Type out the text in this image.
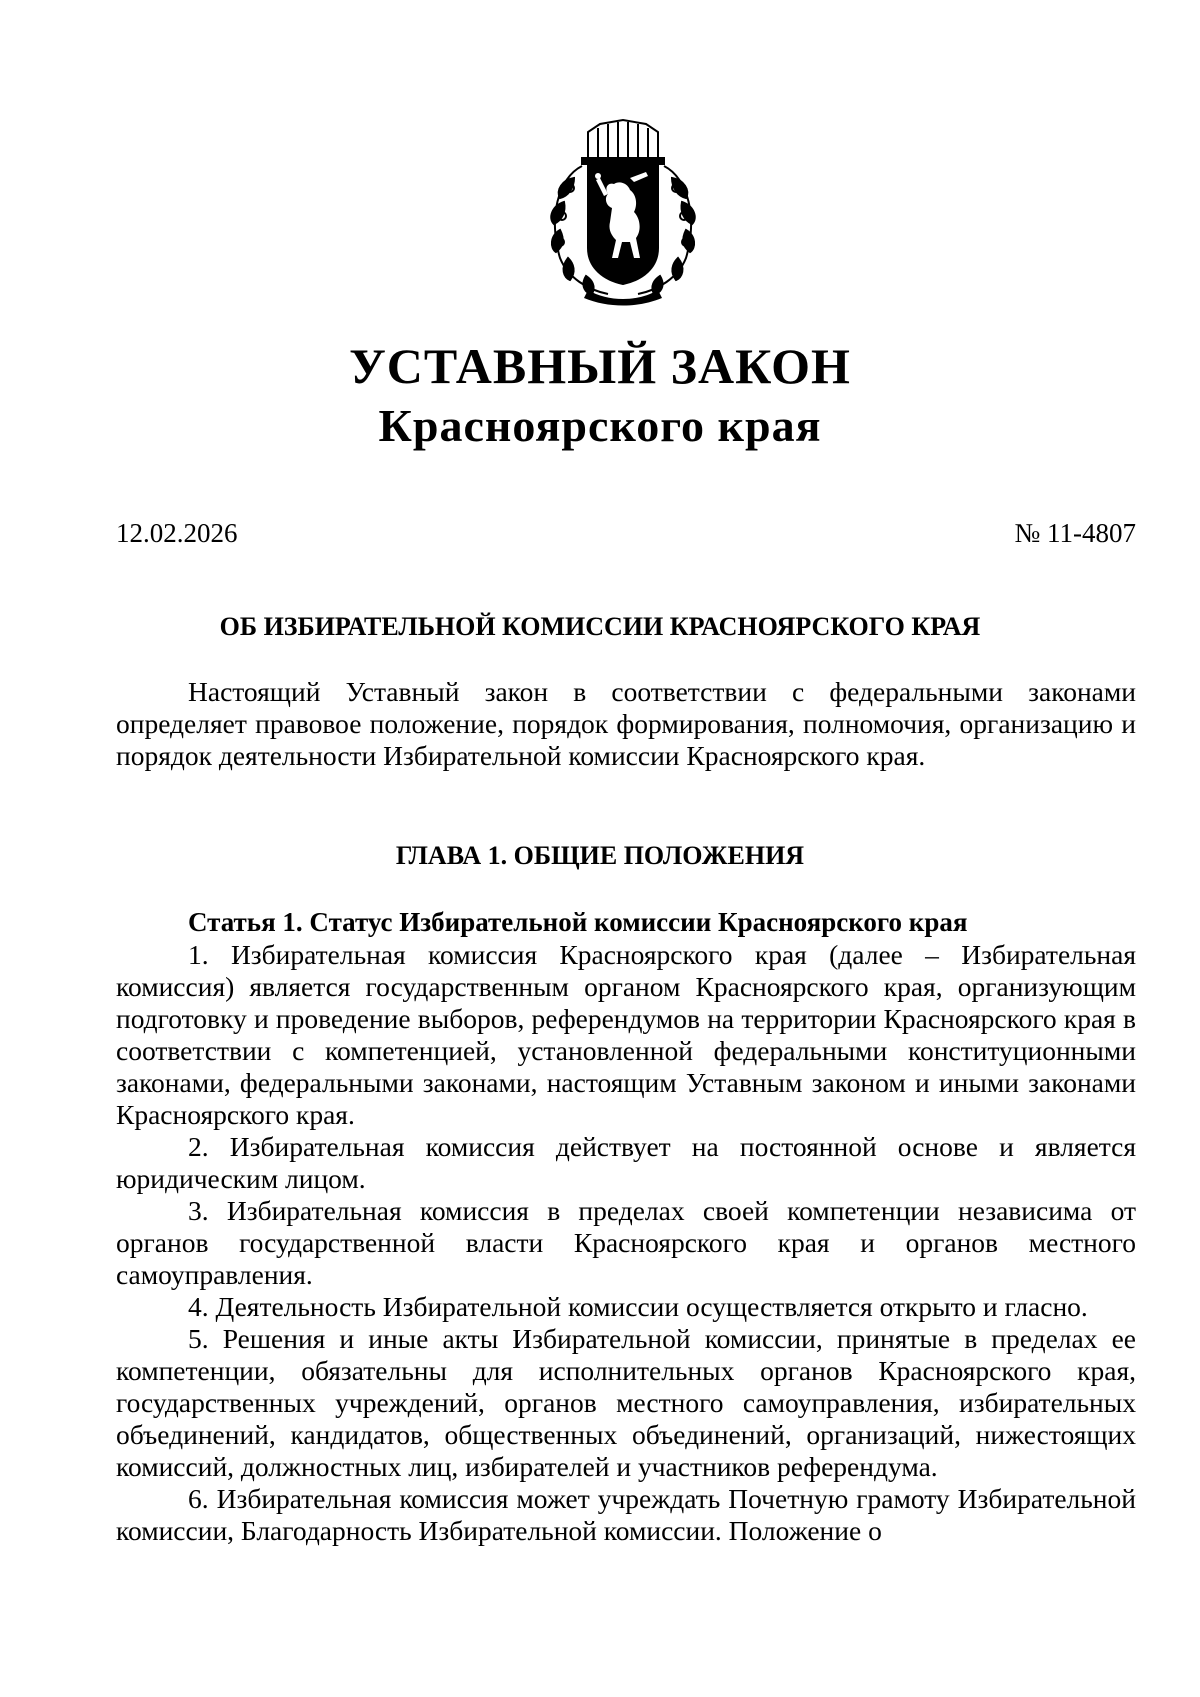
УСТАВНЫЙ ЗАКОН
Красноярского края
12.02.2026	№ 11-4807
ОБ ИЗБИРАТЕЛЬНОЙ КОМИССИИ КРАСНОЯРСКОГО КРАЯ

Настоящий Уставный закон в соответствии с федеральными законами определяет правовое положение, порядок формирования, полномочия, организацию и порядок деятельности Избирательной комиссии Красноярского края.

ГЛАВА 1. ОБЩИЕ ПОЛОЖЕНИЯ
Статья 1. Статус Избирательной комиссии Красноярского края

1. Избирательная комиссия Красноярского края (далее – Избирательная комиссия) является государственным органом Красноярского края, организующим подготовку и проведение выборов, референдумов на территории Красноярского края в соответствии с компетенцией, установленной федеральными конституционными законами, федеральными законами, настоящим Уставным законом и иными законами Красноярского края.

2. Избирательная комиссия действует на постоянной основе и является юридическим лицом.

3. Избирательная комиссия в пределах своей компетенции независима от органов государственной власти Красноярского края и органов местного самоуправления.

4. Деятельность Избирательной комиссии осуществляется открыто и гласно.

5. Решения и иные акты Избирательной комиссии, принятые в пределах ее компетенции, обязательны для исполнительных органов Красноярского края, государственных учреждений, органов местного самоуправления, избирательных объединений, кандидатов, общественных объединений, организаций, нижестоящих комиссий, должностных лиц, избирателей и участников референдума.

6. Избирательная комиссия может учреждать Почетную грамоту Избирательной комиссии, Благодарность Избирательной комиссии. Положение о
